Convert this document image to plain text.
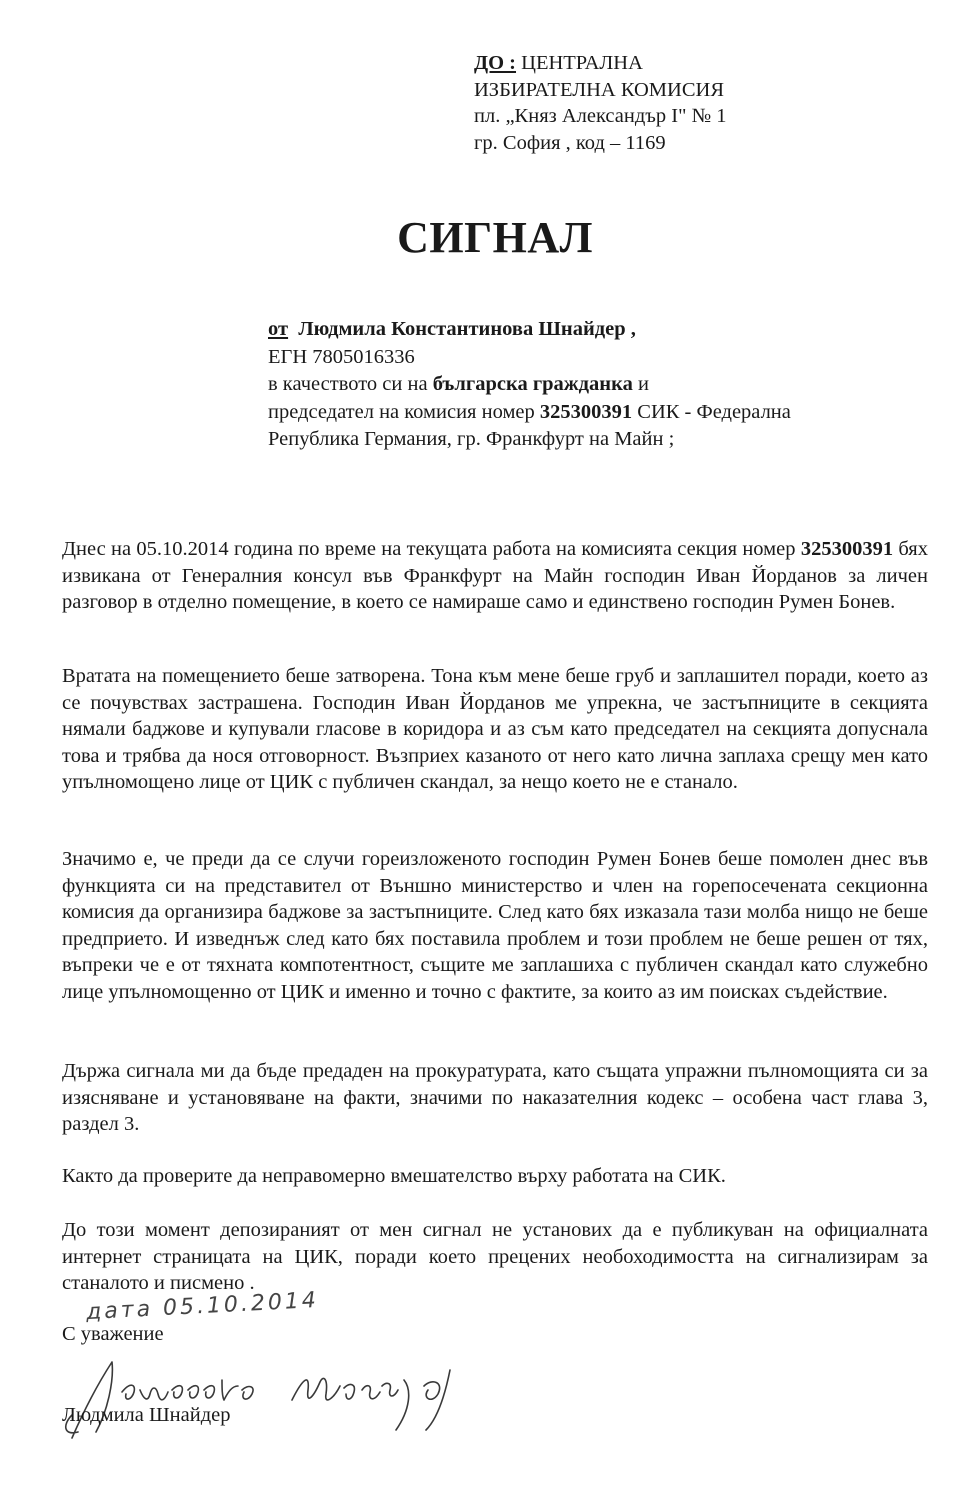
ДО : ЦЕНТРАЛНА
ИЗБИРАТЕЛНА КОМИСИЯ
пл. „Княз Александър I" № 1
гр. София , код – 1169
СИГНАЛ
от Людмила Константинова Шнайдер ,
ЕГН 7805016336
в качеството си на българска гражданка и
председател на комисия номер 325300391 СИК - Федерална
Република Германия, гр. Франкфурт на Майн ;
Днес на 05.10.2014 година по време на текущата работа на комисията секция номер 325300391 бях извикана от Генералния консул във Франкфурт на Майн господин Иван Йорданов за личен разговор в отделно помещение, в което се намираше само и единствено господин Румен Бонев.
Вратата на помещението беше затворена. Тона към мене беше груб и заплашител поради, което аз се почувствах застрашена. Господин Иван Йорданов ме упрекна, че застъпниците в секцията нямали баджове и купували гласове в коридора и аз съм като председател на секцията допуснала това и трябва да нося отговорност. Възприех казаното от него като лична заплаха срещу мен като упълномощено лице от ЦИК с публичен скандал, за нещо което не е станало.
Значимо е, че преди да се случи гореизложеното господин Румен Бонев беше помолен днес във функцията си на представител от Външно министерство и член на горепосечената секционна комисия да организира баджове за застъпниците. След като бях изказала тази молба нищо не беше предприето. И изведнъж след като бях поставила проблем и този проблем не беше решен от тях, въпреки че е от тяхната компотентност, същите ме заплашиха с публичен скандал като служебно лице упълномощенно от ЦИК и именно и точно с фактите, за които аз им поисках съдействие.
Държа сигнала ми да бъде предаден на прокуратурата, като същата упражни пълномощията си за изясняване и установяване на факти, значими по наказателния кодекс – особена част глава 3, раздел 3.
Както да проверите да неправомерно вмешателство върху работата на СИК.
До този момент депозираният от мен сигнал не установих да е публикуван на официалната интернет страницата на ЦИК, поради което прецених необоходимостта на сигнализирам за станалото и писмено .
дата 05.10.2014
С уважение
Людмила Шнайдер
